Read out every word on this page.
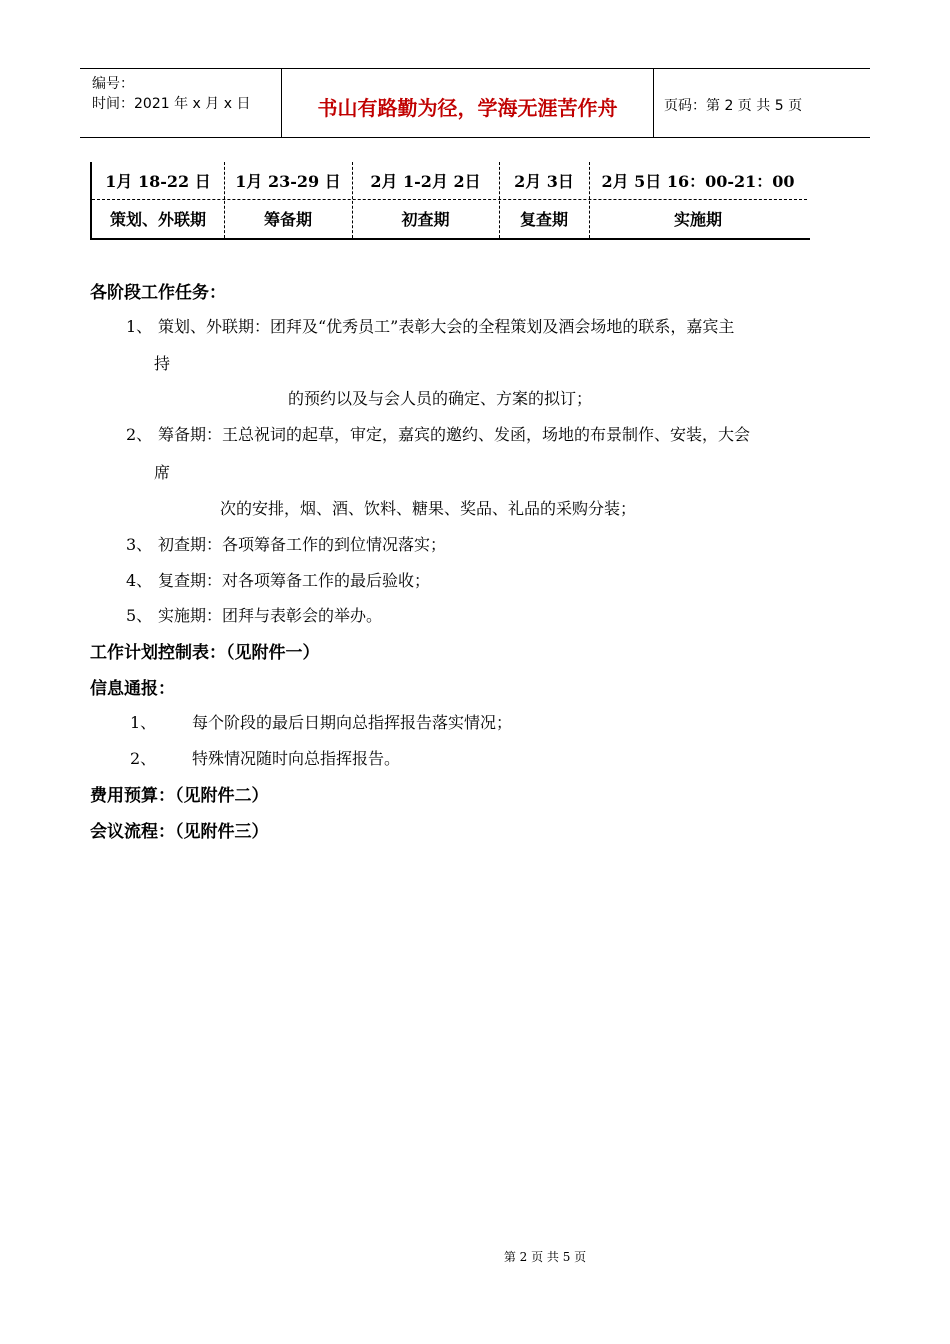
编号：
时间：2021 年 x 月 x 日	书山有路勤为径，学海无涯苦作舟	页码：第 2 页 共 5 页
1月 18-22 日	1月 23-29 日	2月 1-2月 2日	2月 3日	2月 5日 16：00-21：00
策划、外联期	筹备期	初查期	复查期	实施期
各阶段工作任务：
1、 策划、外联期：团拜及“优秀员工”表彰大会的全程策划及酒会场地的联系，嘉宾主
持
的预约以及与会人员的确定、方案的拟订；
2、 筹备期：王总祝词的起草，审定，嘉宾的邀约、发函，场地的布景制作、安装，大会
席
次的安排，烟、酒、饮料、糖果、奖品、礼品的采购分装；
3、 初查期：各项筹备工作的到位情况落实；
4、 复查期：对各项筹备工作的最后验收；
5、 实施期：团拜与表彰会的举办。
工作计划控制表：（见附件一）
信息通报：
1、 每个阶段的最后日期向总指挥报告落实情况；
2、 特殊情况随时向总指挥报告。
费用预算：（见附件二）
会议流程：（见附件三）
第 2 页 共 5 页
